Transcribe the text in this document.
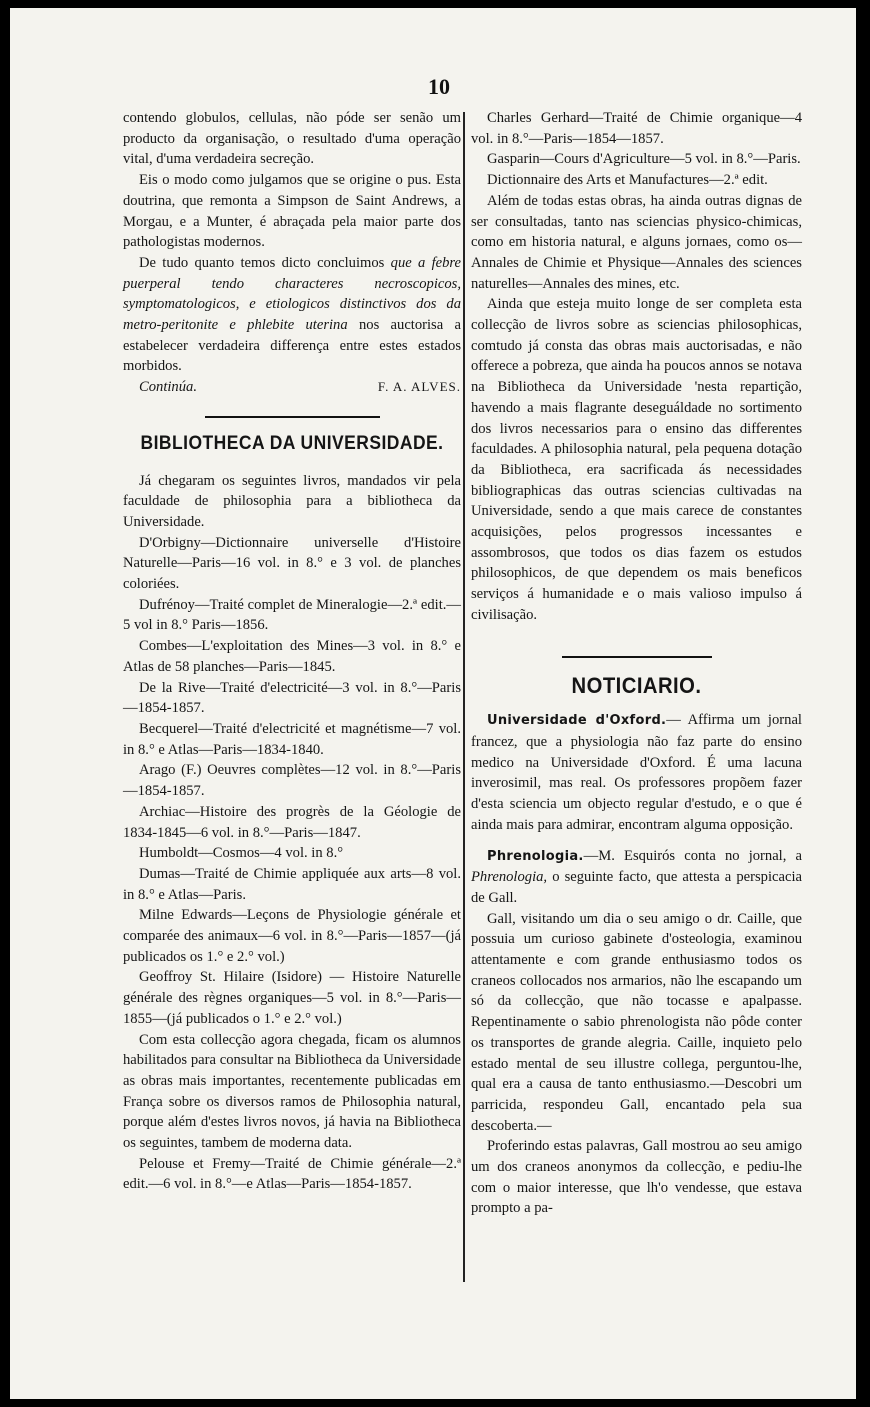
10

contendo globulos, cellulas, não póde ser senão um producto da organisação, o resultado d'uma operação vital, d'uma verdadeira secreção.

Eis o modo como julgamos que se origine o pus. Esta doutrina, que remonta a Simpson de Saint Andrews, a Morgau, e a Munter, é abraçada pela maior parte dos pathologistas modernos.

De tudo quanto temos dicto concluimos que a febre puerperal tendo characteres necroscopicos, symptomatologicos, e etiologicos distinctivos dos da metro-peritonite e phlebite uterina nos auctorisa a estabelecer verdadeira differença entre estes estados morbidos.

Continúa.	F. A. ALVES.
BIBLIOTHECA DA UNIVERSIDADE.

Já chegaram os seguintes livros, mandados vir pela faculdade de philosophia para a bibliotheca da Universidade.

D'Orbigny—Dictionnaire universelle d'Histoire Naturelle—Paris—16 vol. in 8.° e 3 vol. de planches coloriées.

Dufrénoy—Traité complet de Mineralogie—2.ª edit.—5 vol in 8.° Paris—1856.

Combes—L'exploitation des Mines—3 vol. in 8.° e Atlas de 58 planches—Paris—1845.

De la Rive—Traité d'electricité—3 vol. in 8.°—Paris—1854-1857.

Becquerel—Traité d'electricité et magnétisme—7 vol. in 8.° e Atlas—Paris—1834-1840.

Arago (F.) Oeuvres complètes—12 vol. in 8.°—Paris—1854-1857.

Archiac—Histoire des progrès de la Géologie de 1834-1845—6 vol. in 8.°—Paris—1847.

Humboldt—Cosmos—4 vol. in 8.°

Dumas—Traité de Chimie appliquée aux arts—8 vol. in 8.° e Atlas—Paris.

Milne Edwards—Leçons de Physiologie générale et comparée des animaux—6 vol. in 8.°—Paris—1857—(já publicados os 1.° e 2.° vol.)

Geoffroy St. Hilaire (Isidore) — Histoire Naturelle générale des règnes organiques—5 vol. in 8.°—Paris—1855—(já publicados o 1.° e 2.° vol.)

Com esta collecção agora chegada, ficam os alumnos habilitados para consultar na Bibliotheca da Universidade as obras mais importantes, recentemente publicadas em França sobre os diversos ramos de Philosophia natural, porque além d'estes livros novos, já havia na Bibliotheca os seguintes, tambem de moderna data.

Pelouse et Fremy—Traité de Chimie générale—2.ª edit.—6 vol. in 8.°—e Atlas—Paris—1854-1857.

Charles Gerhard—Traité de Chimie organique—4 vol. in 8.°—Paris—1854—1857.

Gasparin—Cours d'Agriculture—5 vol. in 8.°—Paris.

Dictionnaire des Arts et Manufactures—2.ª edit.

Além de todas estas obras, ha ainda outras dignas de ser consultadas, tanto nas sciencias physico-chimicas, como em historia natural, e alguns jornaes, como os—Annales de Chimie et Physique—Annales des sciences naturelles—Annales des mines, etc.

Ainda que esteja muito longe de ser completa esta collecção de livros sobre as sciencias philosophicas, comtudo já consta das obras mais auctorisadas, e não offerece a pobreza, que ainda ha poucos annos se notava na Bibliotheca da Universidade 'nesta repartição, havendo a mais flagrante deseguáldade no sortimento dos livros necessarios para o ensino das differentes faculdades. A philosophia natural, pela pequena dotação da Bibliotheca, era sacrificada ás necessidades bibliographicas das outras sciencias cultivadas na Universidade, sendo a que mais carece de constantes acquisições, pelos progressos incessantes e assombrosos, que todos os dias fazem os estudos philosophicos, de que dependem os mais beneficos serviços á humanidade e o mais valioso impulso á civilisação.

NOTICIARIO.

Universidade d'Oxford.— Affirma um jornal francez, que a physiologia não faz parte do ensino medico na Universidade d'Oxford. É uma lacuna inverosimil, mas real. Os professores propõem fazer d'esta sciencia um objecto regular d'estudo, e o que é ainda mais para admirar, encontram alguma opposição.

Phrenologia.—M. Esquirós conta no jornal, a Phrenologia, o seguinte facto, que attesta a perspicacia de Gall.

Gall, visitando um dia o seu amigo o dr. Caille, que possuia um curioso gabinete d'osteologia, examinou attentamente e com grande enthusiasmo todos os craneos collocados nos armarios, não lhe escapando um só da collecção, que não tocasse e apalpasse. Repentinamente o sabio phrenologista não pôde conter os transportes de grande alegria. Caille, inquieto pelo estado mental de seu illustre collega, perguntou-lhe, qual era a causa de tanto enthusiasmo.—Descobri um parricida, respondeu Gall, encantado pela sua descoberta.—

Proferindo estas palavras, Gall mostrou ao seu amigo um dos craneos anonymos da collecção, e pediu-lhe com o maior interesse, que lh'o vendesse, que estava prompto a pa-
